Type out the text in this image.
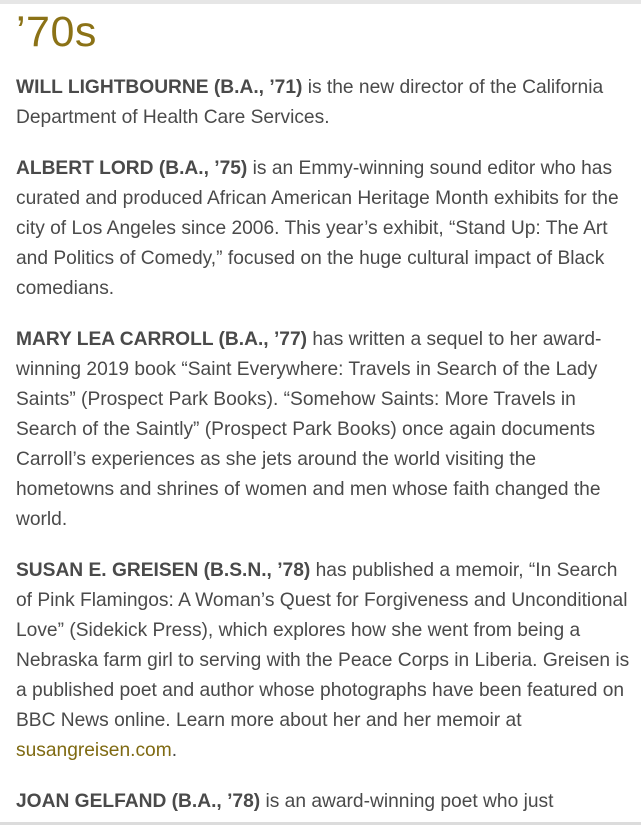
’70s

WILL LIGHTBOURNE (B.A., ’71) is the new director of the California Department of Health Care Services.

ALBERT LORD (B.A., ’75) is an Emmy-winning sound editor who has curated and produced African American Heritage Month exhibits for the city of Los Angeles since 2006. This year’s exhibit, “Stand Up: The Art and Politics of Comedy,” focused on the huge cultural impact of Black comedians.

MARY LEA CARROLL (B.A., ’77) has written a sequel to her award-winning 2019 book “Saint Everywhere: Travels in Search of the Lady Saints” (Prospect Park Books). “Somehow Saints: More Travels in Search of the Saintly” (Prospect Park Books) once again documents Carroll’s experiences as she jets around the world visiting the hometowns and shrines of women and men whose faith changed the world.

SUSAN E. GREISEN (B.S.N., ’78) has published a memoir, “In Search of Pink Flamingos: A Woman’s Quest for Forgiveness and Unconditional Love” (Sidekick Press), which explores how she went from being a Nebraska farm girl to serving with the Peace Corps in Liberia. Greisen is a published poet and author whose photographs have been featured on BBC News online. Learn more about her and her memoir at susangreisen.com.

JOAN GELFAND (B.A., ’78) is an award-winning poet who just
